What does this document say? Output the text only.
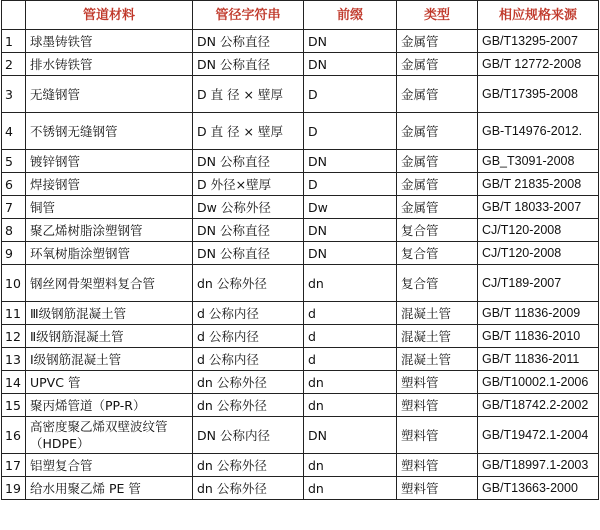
	管道材料	管径字符串	前缀	类型	相应规格来源
1	球墨铸铁管	DN 公称直径	DN	金属管	GB/T13295-2007
2	排水铸铁管	DN 公称直径	DN	金属管	GB/T 12772-2008
3	无缝钢管	D 直 径 × 壁厚	D	金属管	GB/T17395-2008
4	不锈钢无缝钢管	D 直 径 × 壁厚	D	金属管	GB-T14976-2012.
5	镀锌钢管	DN 公称直径	DN	金属管	GB_T3091-2008
6	焊接钢管	D 外径×壁厚	D	金属管	GB/T 21835-2008
7	铜管	Dw 公称外径	Dw	金属管	GB/T 18033-2007
8	聚乙烯树脂涂塑钢管	DN 公称直径	DN	复合管	CJ/T120-2008
9	环氧树脂涂塑钢管	DN 公称直径	DN	复合管	CJ/T120-2008
10	钢丝网骨架塑料复合管	dn 公称外径	dn	复合管	CJ/T189-2007
11	Ⅲ级钢筋混凝土管	d 公称内径	d	混凝土管	GB/T 11836-2009
12	Ⅱ级钢筋混凝土管	d 公称内径	d	混凝土管	GB/T 11836-2010
13	Ⅰ级钢筋混凝土管	d 公称内径	d	混凝土管	GB/T 11836-2011
14	UPVC 管	dn 公称外径	dn	塑料管	GB/T10002.1-2006
15	聚丙烯管道（PP-R）	dn 公称外径	dn	塑料管	GB/T18742.2-2002
16	高密度聚乙烯双壁波纹管（HDPE）	DN 公称内径	DN	塑料管	GB/T19472.1-2004
17	铝塑复合管	dn 公称外径	dn	塑料管	GB/T18997.1-2003
19	给水用聚乙烯 PE 管	dn 公称外径	dn	塑料管	GB/T13663-2000
